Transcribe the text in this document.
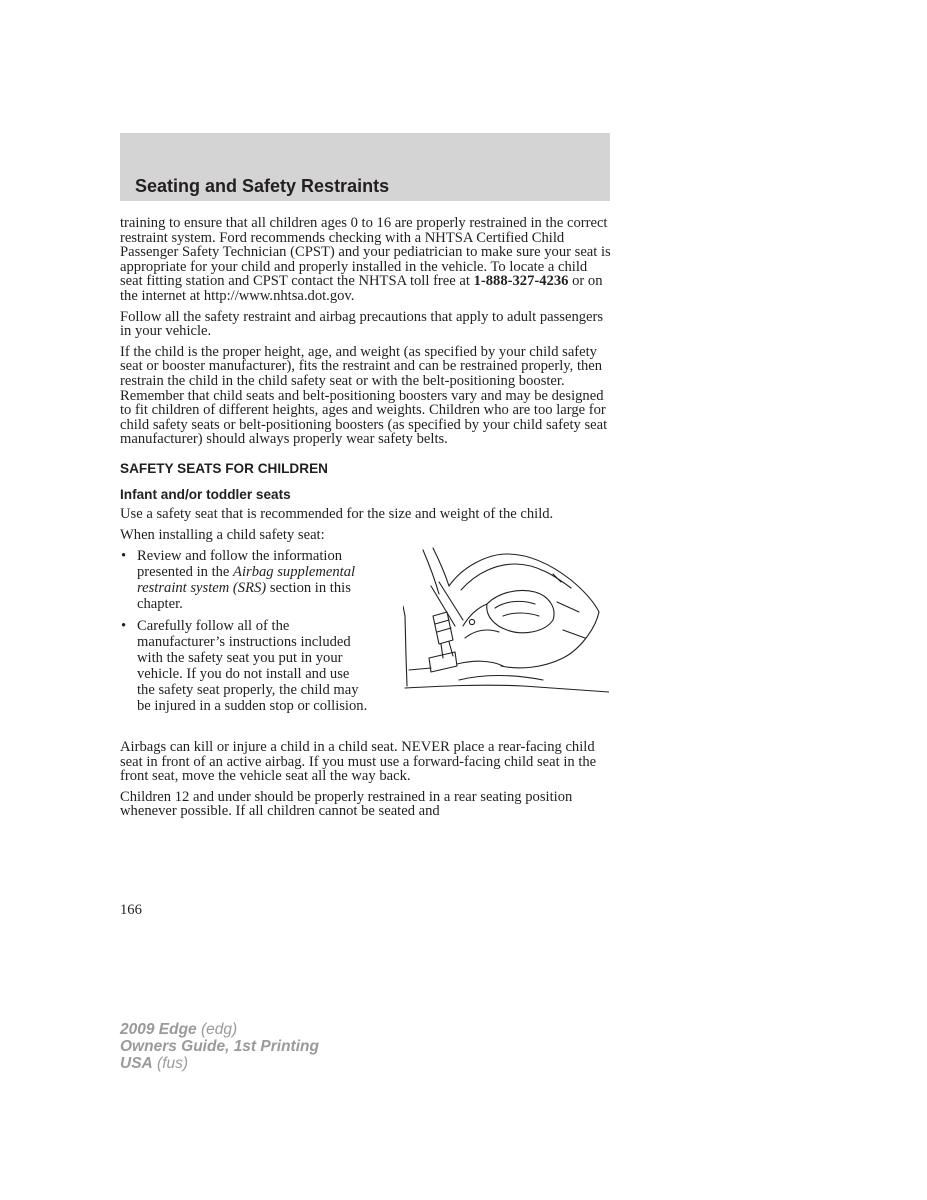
Seating and Safety Restraints

training to ensure that all children ages 0 to 16 are properly restrained in the correct restraint system. Ford recommends checking with a NHTSA Certified Child Passenger Safety Technician (CPST) and your pediatrician to make sure your seat is appropriate for your child and properly installed in the vehicle. To locate a child seat fitting station and CPST contact the NHTSA toll free at 1-888-327-4236 or on the internet at http://www.nhtsa.dot.gov.

Follow all the safety restraint and airbag precautions that apply to adult passengers in your vehicle.

If the child is the proper height, age, and weight (as specified by your child safety seat or booster manufacturer), fits the restraint and can be restrained properly, then restrain the child in the child safety seat or with the belt-positioning booster. Remember that child seats and belt-positioning boosters vary and may be designed to fit children of different heights, ages and weights. Children who are too large for child safety seats or belt-positioning boosters (as specified by your child safety seat manufacturer) should always properly wear safety belts.

SAFETY SEATS FOR CHILDREN
Infant and/or toddler seats

Use a safety seat that is recommended for the size and weight of the child.

When installing a child safety seat:

• Review and follow the information presented in the Airbag supplemental restraint system (SRS) section in this chapter.
• Carefully follow all of the manufacturer’s instructions included with the safety seat you put in your vehicle. If you do not install and use the safety seat properly, the child may be injured in a sudden stop or collision.

Airbags can kill or injure a child in a child seat. NEVER place a rear-facing child seat in front of an active airbag. If you must use a forward-facing child seat in the front seat, move the vehicle seat all the way back.

Children 12 and under should be properly restrained in a rear seating position whenever possible. If all children cannot be seated and

166
2009 Edge (edg)
Owners Guide, 1st Printing
USA (fus)
